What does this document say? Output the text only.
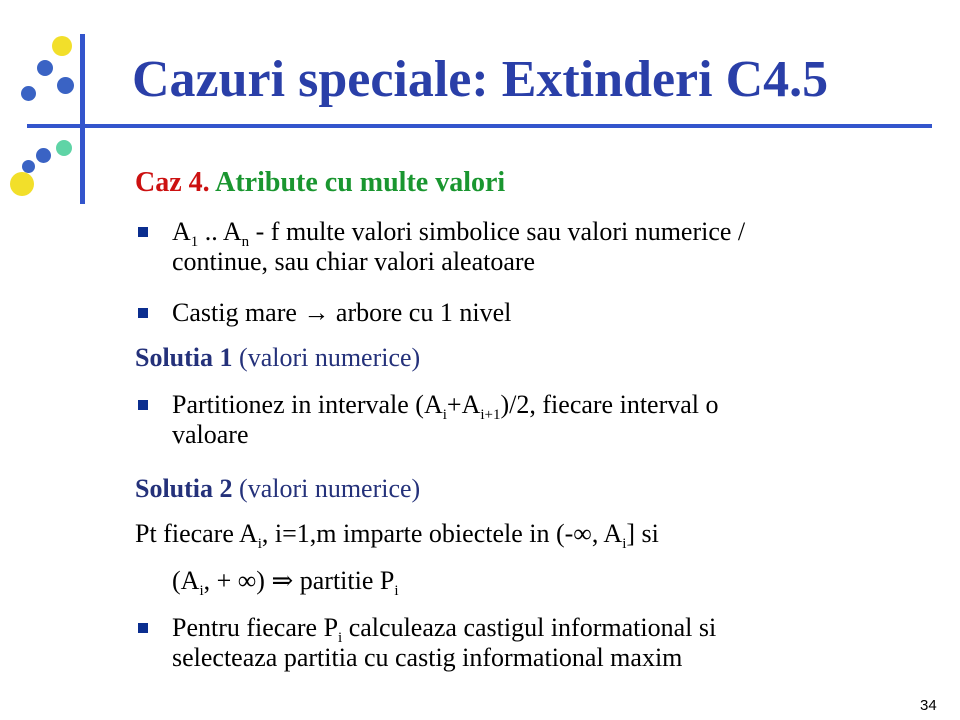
Cazuri speciale: Extinderi C4.5
Caz 4. Atribute cu multe valori
$A_1$ .. $A_n$ - f multe valori simbolice sau valori numerice /
continue, sau chiar valori aleatoare
Castig mare → arbore cu 1 nivel
Solutia 1 (valori numerice)
Partitionez in intervale $(A_i+A_{i+1})/2$, fiecare interval o
valoare
Solutia 2 (valori numerice)
Pt fiecare $A_i$, i=1,m imparte obiectele in (-∞, $A_i$] si
($A_i$, + ∞) ⇒ partitie $P_i$
Pentru fiecare $P_i$ calculeaza castigul informational si
selecteaza partitia cu castig informational maxim
34
